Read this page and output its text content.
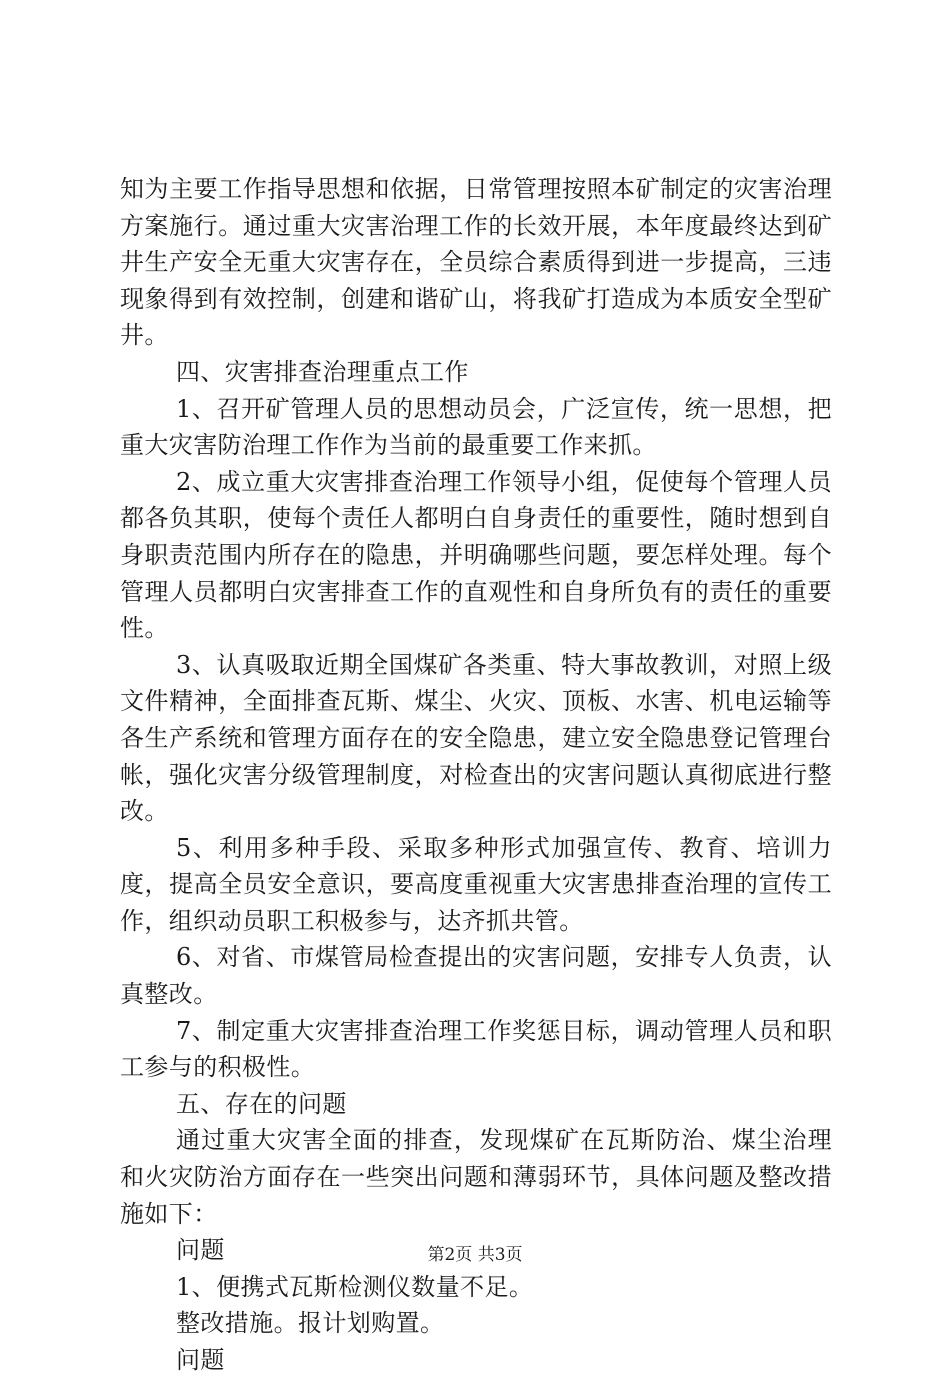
知为主要工作指导思想和依据，日常管理按照本矿制定的灾害治理方案施行。通过重大灾害治理工作的长效开展，本年度最终达到矿井生产安全无重大灾害存在，全员综合素质得到进一步提高，三违现象得到有效控制，创建和谐矿山，将我矿打造成为本质安全型矿井。

四、灾害排查治理重点工作

1、召开矿管理人员的思想动员会，广泛宣传，统一思想，把重大灾害防治理工作作为当前的最重要工作来抓。

2、成立重大灾害排查治理工作领导小组，促使每个管理人员都各负其职，使每个责任人都明白自身责任的重要性，随时想到自身职责范围内所存在的隐患，并明确哪些问题，要怎样处理。每个管理人员都明白灾害排查工作的直观性和自身所负有的责任的重要性。

3、认真吸取近期全国煤矿各类重、特大事故教训，对照上级文件精神，全面排查瓦斯、煤尘、火灾、顶板、水害、机电运输等各生产系统和管理方面存在的安全隐患，建立安全隐患登记管理台帐，强化灾害分级管理制度，对检查出的灾害问题认真彻底进行整改。

5、利用多种手段、采取多种形式加强宣传、教育、培训力度，提高全员安全意识，要高度重视重大灾害患排查治理的宣传工作，组织动员职工积极参与，达齐抓共管。

6、对省、市煤管局检查提出的灾害问题，安排专人负责，认真整改。

7、制定重大灾害排查治理工作奖惩目标，调动管理人员和职工参与的积极性。

五、存在的问题

通过重大灾害全面的排查，发现煤矿在瓦斯防治、煤尘治理和火灾防治方面存在一些突出问题和薄弱环节，具体问题及整改措施如下：

问题

1、便携式瓦斯检测仪数量不足。

整改措施。报计划购置。

问题

第2页 共3页
